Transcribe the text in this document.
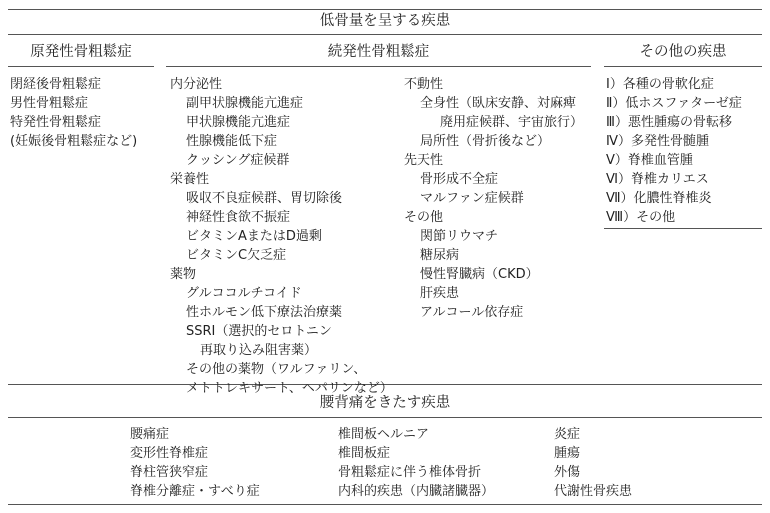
低骨量を呈する疾患
原発性骨粗鬆症	続発性骨粗鬆症	その他の疾患
閉経後骨粗鬆症
男性骨粗鬆症
特発性骨粗鬆症
(妊娠後骨粗鬆症など)
内分泌性
副甲状腺機能亢進症
甲状腺機能亢進症
性腺機能低下症
クッシング症候群
栄養性
吸収不良症候群、胃切除後
神経性食欲不振症
ビタミンAまたはD過剰
ビタミンC欠乏症
薬物
グルココルチコイド
性ホルモン低下療法治療薬
SSRI（選択的セロトニン
再取り込み阻害薬）
その他の薬物（ワルファリン、
メトトレキサート、ヘパリンなど）
不動性
全身性（臥床安静、対麻痺
廃用症候群、宇宙旅行）
局所性（骨折後など）
先天性
骨形成不全症
マルファン症候群
その他
関節リウマチ
糖尿病
慢性腎臓病（CKD）
肝疾患
アルコール依存症
Ⅰ）各種の骨軟化症
Ⅱ）低ホスファターゼ症
Ⅲ）悪性腫瘍の骨転移
Ⅳ）多発性骨髄腫
Ⅴ）脊椎血管腫
Ⅵ）脊椎カリエス
Ⅶ）化膿性脊椎炎
Ⅷ）その他
腰背痛をきたす疾患
腰痛症
変形性脊椎症
脊柱管狭窄症
脊椎分離症・すべり症
椎間板ヘルニア
椎間板症
骨粗鬆症に伴う椎体骨折
内科的疾患（内臓諸臓器）
炎症
腫瘍
外傷
代謝性骨疾患
